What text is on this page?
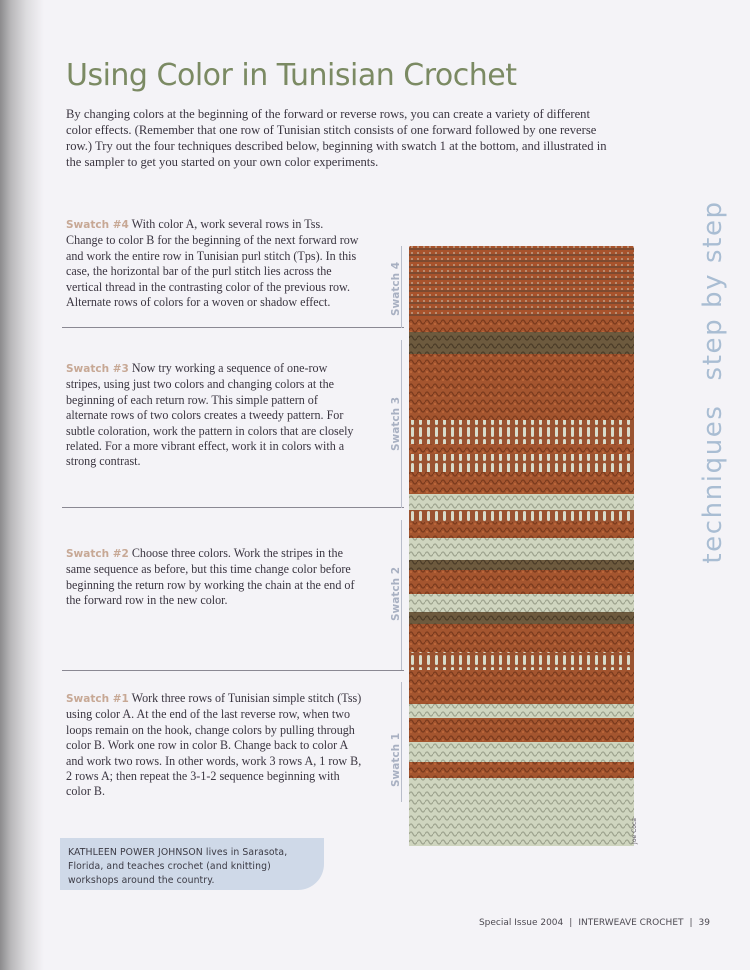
Using Color in Tunisian Crochet

By changing colors at the beginning of the forward or reverse rows, you can create a variety of different color effects. (Remember that one row of Tunisian stitch consists of one forward followed by one reverse row.) Try out the four techniques described below, beginning with swatch 1 at the bottom, and illustrated in the sampler to get you started on your own color experiments.

Swatch #4 With color A, work several rows in Tss. Change to color B for the beginning of the next forward row and work the entire row in Tunisian purl stitch (Tps). In this case, the horizontal bar of the purl stitch lies across the vertical thread in the contrasting color of the previous row. Alternate rows of colors for a woven or shadow effect.

Swatch #3 Now try working a sequence of one-row stripes, using just two colors and changing colors at the beginning of each return row. This simple pattern of alternate rows of two colors creates a tweedy pattern. For subtle coloration, work the pattern in colors that are closely related. For a more vibrant effect, work it in colors with a strong contrast.

Swatch #2 Choose three colors. Work the stripes in the same sequence as before, but this time change color before beginning the return row by working the chain at the end of the forward row in the new color.

Swatch #1 Work three rows of Tunisian simple stitch (Tss) using color A. At the end of the last reverse row, when two loops remain on the hook, change colors by pulling through color B. Work one row in color B. Change back to color A and work two rows. In other words, work 3 rows A, 1 row B, 2 rows A; then repeat the 3-1-2 sequence beginning with color B.

Swatch 4
Swatch 3
Swatch 2
Swatch 1
Joe Coca
techniques
step by step
KATHLEEN POWER JOHNSON lives in Sarasota, Florida, and teaches crochet (and knitting) workshops around the country.
Special Issue 2004 | INTERWEAVE CROCHET | 39
